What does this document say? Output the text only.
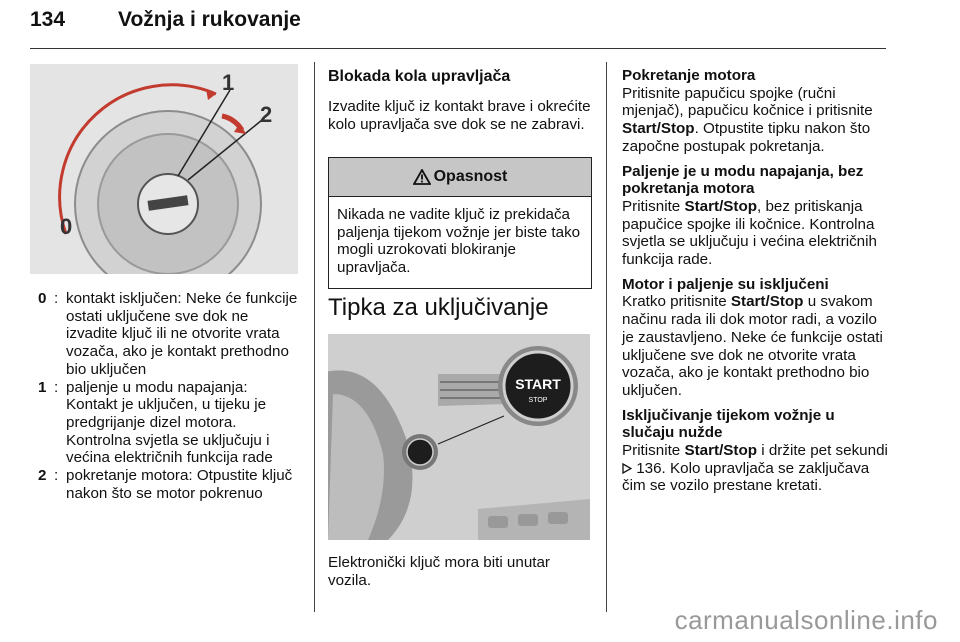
134	Vožnja i rukovanje
0
1
2
0 : kontakt isključen: Neke će funkcije ostati uključene sve dok ne izvadite ključ ili ne otvorite vrata vozača, ako je kontakt prethodno bio uključen
1 : paljenje u modu napajanja: Kontakt je uključen, u tijeku je predgrijanje dizel motora. Kontrolna svjetla se uključuju i većina električnih funkcija rade
2 : pokretanje motora: Otpustite ključ nakon što se motor pokrenuo
Blokada kola upravljača
Izvadite ključ iz kontakt brave i okrećite kolo upravljača sve dok se ne zabravi.
Opasnost
Nikada ne vadite ključ iz prekidača paljenja tijekom vožnje jer biste tako mogli uzrokovati blokiranje upravljača.
Tipka za uključivanje
START
STOP
Elektronički ključ mora biti unutar vozila.
Pokretanje motora
Pritisnite papučicu spojke (ručni mjenjač), papučicu kočnice i pritisnite Start/Stop. Otpustite tipku nakon što započne postupak pokretanja.
Paljenje je u modu napajanja, bez pokretanja motora
Pritisnite Start/Stop, bez pritiskanja papučice spojke ili kočnice. Kontrolna svjetla se uključuju i većina električnih funkcija rade.
Motor i paljenje su isključeni
Kratko pritisnite Start/Stop u svakom načinu rada ili dok motor radi, a vozilo je zaustavljeno. Neke će funkcije ostati uključene sve dok ne otvorite vrata vozača, ako je kontakt prethodno bio uključen.
Isključivanje tijekom vožnje u slučaju nužde
Pritisnite Start/Stop i držite pet sekundi  136. Kolo upravljača se zaključava čim se vozilo prestane kretati.
carmanualsonline.info
